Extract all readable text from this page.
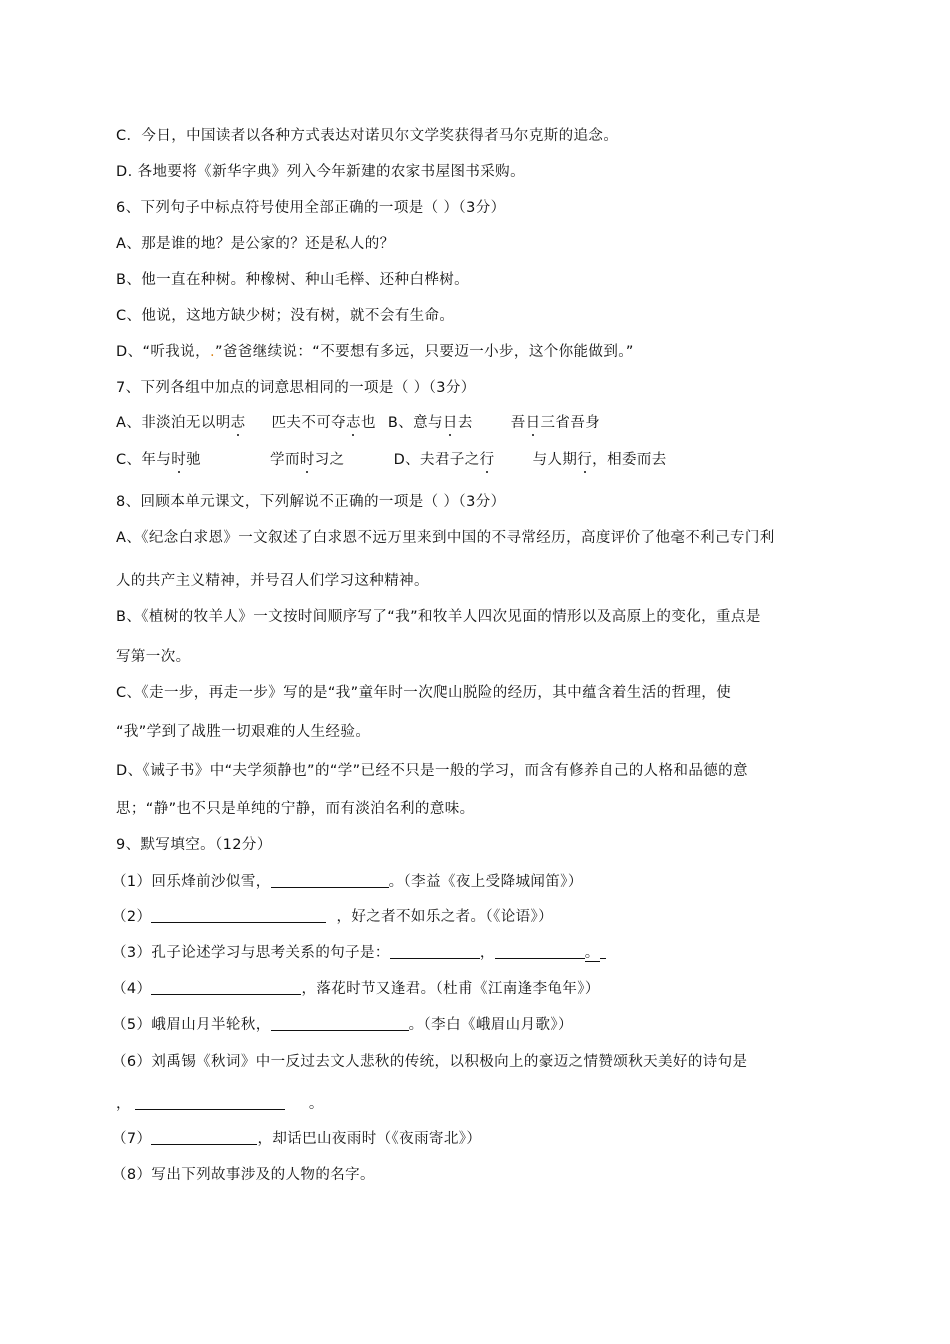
C．今日，中国读者以各种方式表达对诺贝尔文学奖获得者马尔克斯的追念。
D. 各地要将《新华字典》列入今年新建的农家书屋图书采购。
6、下列句子中标点符号使用全部正确的一项是（ ）（3分）
A、那是谁的地？是公家的？还是私人的？
B、他一直在种树。种橡树、种山毛榉、还种白桦树。
C、他说，这地方缺少树；没有树，就不会有生命。
D、“听我说，.”爸爸继续说：“不要想有多远，只要迈一小步，这个你能做到。”
7、下列各组中加点的词意思相同的一项是（ ）（3分）
A、非淡泊无以明志 匹夫不可夺志也 B、意与日去	吾日三省吾身
C、年与时驰	学而时习之	D、夫君子之行	与人期行，相委而去
8、回顾本单元课文，下列解说不正确的一项是（ ）（3分）
A、《纪念白求恩》一文叙述了白求恩不远万里来到中国的不寻常经历，高度评价了他毫不利己专门利
人的共产主义精神，并号召人们学习这种精神。
B、《植树的牧羊人》一文按时间顺序写了“我”和牧羊人四次见面的情形以及高原上的变化，重点是
写第一次。
C、《走一步，再走一步》写的是“我”童年时一次爬山脱险的经历，其中蕴含着生活的哲理，使
“我”学到了战胜一切艰难的人生经验。
D、《诫子书》中“夫学须静也”的“学”已经不只是一般的学习，而含有修养自己的人格和品德的意
思；“静”也不只是单纯的宁静，而有淡泊名利的意味。
9、默写填空。（12分）
（1）回乐烽前沙似雪，	。（李益《夜上受降城闻笛》）
（2）	，好之者不如乐之者。（《论语》）
（3）孔子论述学习与思考关系的句子是：	，	。
（4）	，落花时节又逢君。（杜甫《江南逢李龟年》）
（5）峨眉山月半轮秋，	。（李白《峨眉山月歌》）
（6）刘禹锡《秋词》中一反过去文人悲秋的传统，以积极向上的豪迈之情赞颂秋天美好的诗句是
，	。
（7）	，却话巴山夜雨时（《夜雨寄北》）
（8）写出下列故事涉及的人物的名字。
